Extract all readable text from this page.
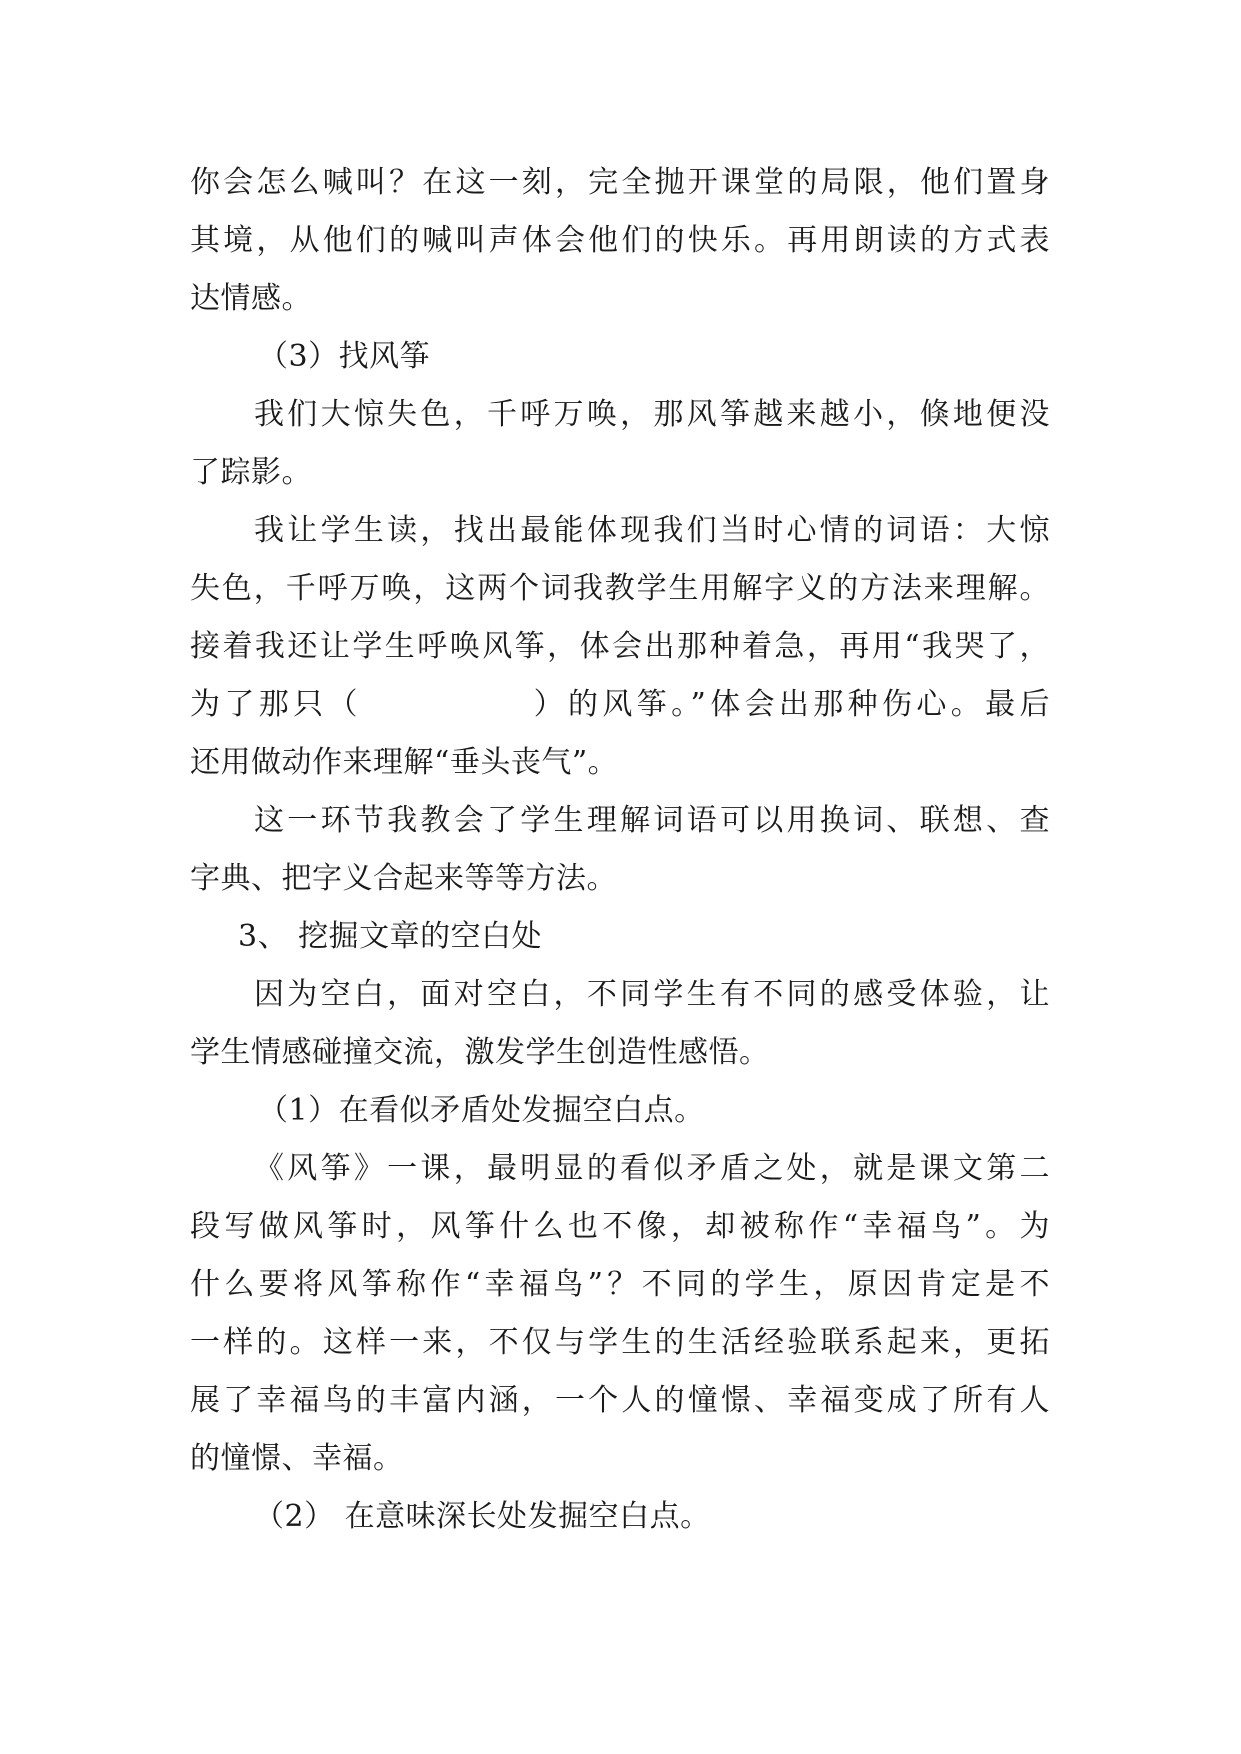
你会怎么喊叫？在这一刻，完全抛开课堂的局限，他们置身
其境，从他们的喊叫声体会他们的快乐。再用朗读的方式表
达情感。
（3）找风筝
我们大惊失色，千呼万唤，那风筝越来越小，倏地便没
了踪影。
我让学生读，找出最能体现我们当时心情的词语：大惊
失色，千呼万唤，这两个词我教学生用解字义的方法来理解。
接着我还让学生呼唤风筝，体会出那种着急，再用“我哭了，
为了那只（　　　　　）的风筝。”体会出那种伤心。最后
还用做动作来理解“垂头丧气”。
这一环节我教会了学生理解词语可以用换词、联想、查
字典、把字义合起来等等方法。
3、 挖掘文章的空白处
因为空白，面对空白，不同学生有不同的感受体验，让
学生情感碰撞交流，激发学生创造性感悟。
（1）在看似矛盾处发掘空白点。
《风筝》一课，最明显的看似矛盾之处，就是课文第二
段写做风筝时，风筝什么也不像，却被称作“幸福鸟”。为
什么要将风筝称作“幸福鸟”？不同的学生，原因肯定是不
一样的。这样一来，不仅与学生的生活经验联系起来，更拓
展了幸福鸟的丰富内涵，一个人的憧憬、幸福变成了所有人
的憧憬、幸福。
（2） 在意味深长处发掘空白点。
